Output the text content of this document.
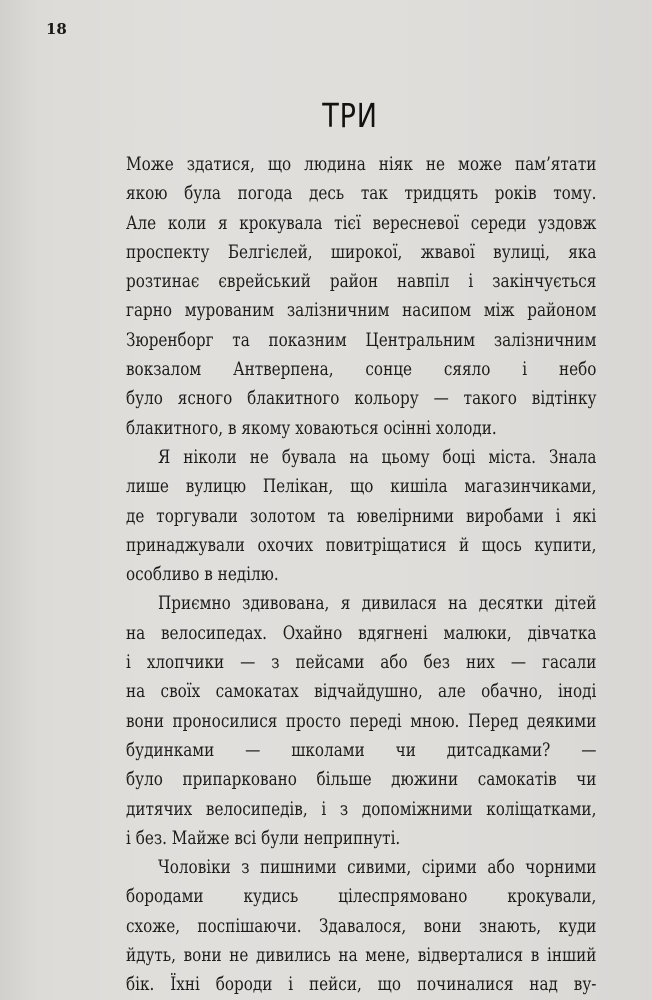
18
ТРИ
Може здатися, що людина ніяк не може пам’ятати
якою була погода десь так тридцять років тому.
Але коли я крокувала тієї вересневої середи уздовж
проспекту Белгієлей, широкої, жвавої вулиці, яка
розтинає єврейський район навпіл і закінчується
гарно мурованим залізничним насипом між районом
Зюренборг та показним Центральним залізничним
вокзалом Антверпена, сонце сяяло і небо
було ясного блакитного кольору — такого відтінку
блакитного, в якому ховаються осінні холоди.
Я ніколи не бувала на цьому боці міста. Знала
лише вулицю Пелікан, що кишіла магазинчиками,
де торгували золотом та ювелірними виробами і які
принаджували охочих повитріщатися й щось купити,
особливо в неділю.
Приємно здивована, я дивилася на десятки дітей
на велосипедах. Охайно вдягнені малюки, дівчатка
і хлопчики — з пейсами або без них — гасали
на своїх самокатах відчайдушно, але обачно, іноді
вони проносилися просто переді мною. Перед деякими
будинками — школами чи дитсадками? —
було припарковано більше дюжини самокатів чи
дитячих велосипедів, і з допоміжними коліщатками,
і без. Майже всі були неприпнуті.
Чоловіки з пишними сивими, сірими або чорними
бородами кудись цілеспрямовано крокували,
схоже, поспішаючи. Здавалося, вони знають, куди
йдуть, вони не дивились на мене, відверталися в інший
бік. Їхні бороди і пейси, що починалися над ву-
